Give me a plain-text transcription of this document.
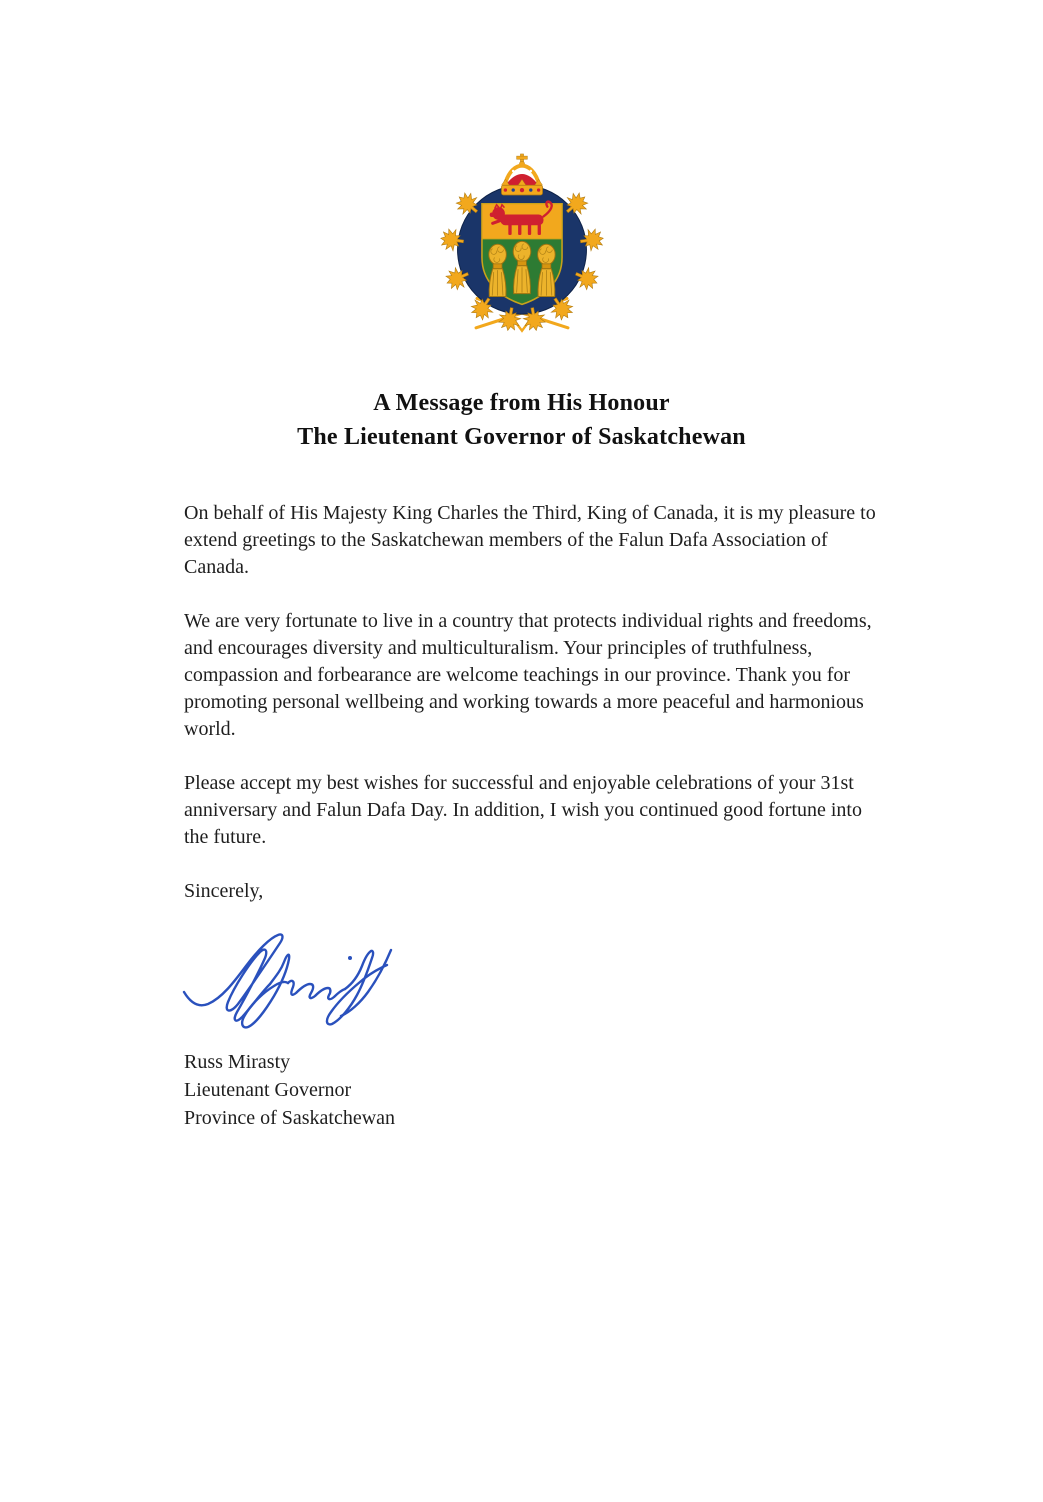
A Message from His Honour
The Lieutenant Governor of Saskatchewan

On behalf of His Majesty King Charles the Third, King of Canada, it is my pleasure to extend greetings to the Saskatchewan members of the Falun Dafa Association of Canada.

We are very fortunate to live in a country that protects individual rights and freedoms, and encourages diversity and multiculturalism. Your principles of truthfulness, compassion and forbearance are welcome teachings in our province. Thank you for promoting personal wellbeing and working towards a more peaceful and harmonious world.

Please accept my best wishes for successful and enjoyable celebrations of your 31st anniversary and Falun Dafa Day. In addition, I wish you continued good fortune into the future.

Sincerely,

Russ Mirasty
Lieutenant Governor
Province of Saskatchewan
